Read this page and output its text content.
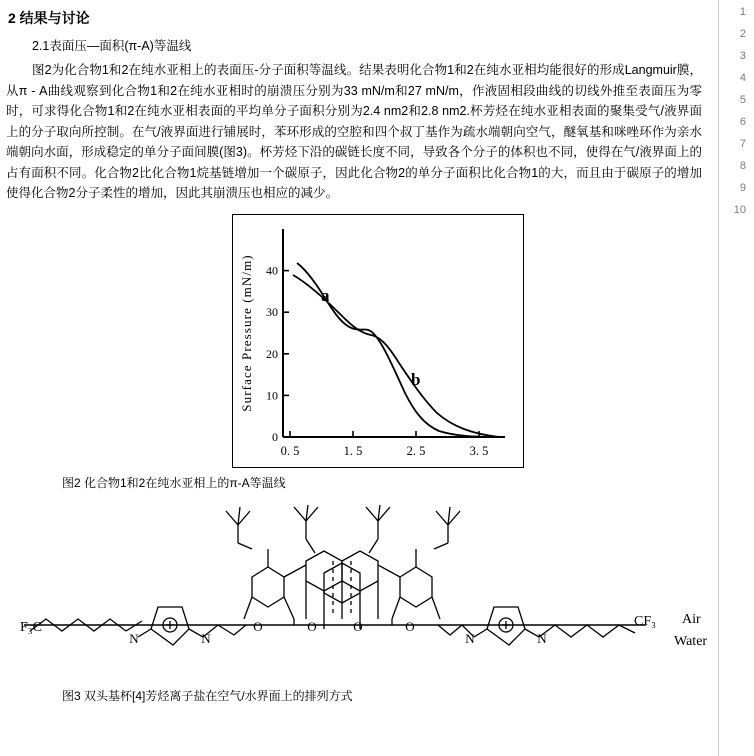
2 结果与讨论
2.1表面压—面积(π-A)等温线

图2为化合物1和2在纯水亚相上的表面压-分子面积等温线。结果表明化合物1和2在纯水亚相均能很好的形成Langmuir膜，从π - A曲线观察到化合物1和2在纯水亚相时的崩溃压分别为33 mN/m和27 mN/m，作液固相段曲线的切线外推至表面压为零时，可求得化合物1和2在纯水亚相表面的平均单分子面积分别为2.4 nm2和2.8 nm2.杯芳烃在纯水亚相表面的聚集受气/液界面上的分子取向所控制。在气/液界面进行铺展时，苯环形成的空腔和四个叔丁基作为疏水端朝向空气，醚氧基和咪唑环作为亲水端朝向水面，形成稳定的单分子面间膜(图3)。杯芳烃下沿的碳链长度不同，导致各个分子的体积也不同，使得在气/液界面上的占有面积不同。化合物2比化合物1烷基链增加一个碳原子，因此化合物2的单分子面积比化合物1的大，而且由于碳原子的增加使得化合物2分子柔性的增加，因此其崩溃压也相应的减少。

0
10
20
30
40
0. 5	1. 5	2. 5	3. 5
Surface Pressure (mN/m)	a
b
图2 化合物1和2在纯水亚相上的π-A等温线
F₃C	CF₃ Air
Water
N	N	N	N
O	O	O	O
图3 双头基杯[4]芳烃离子盐在空气/水界面上的排列方式
1
2
3
4
5
6
7
8
9
10
